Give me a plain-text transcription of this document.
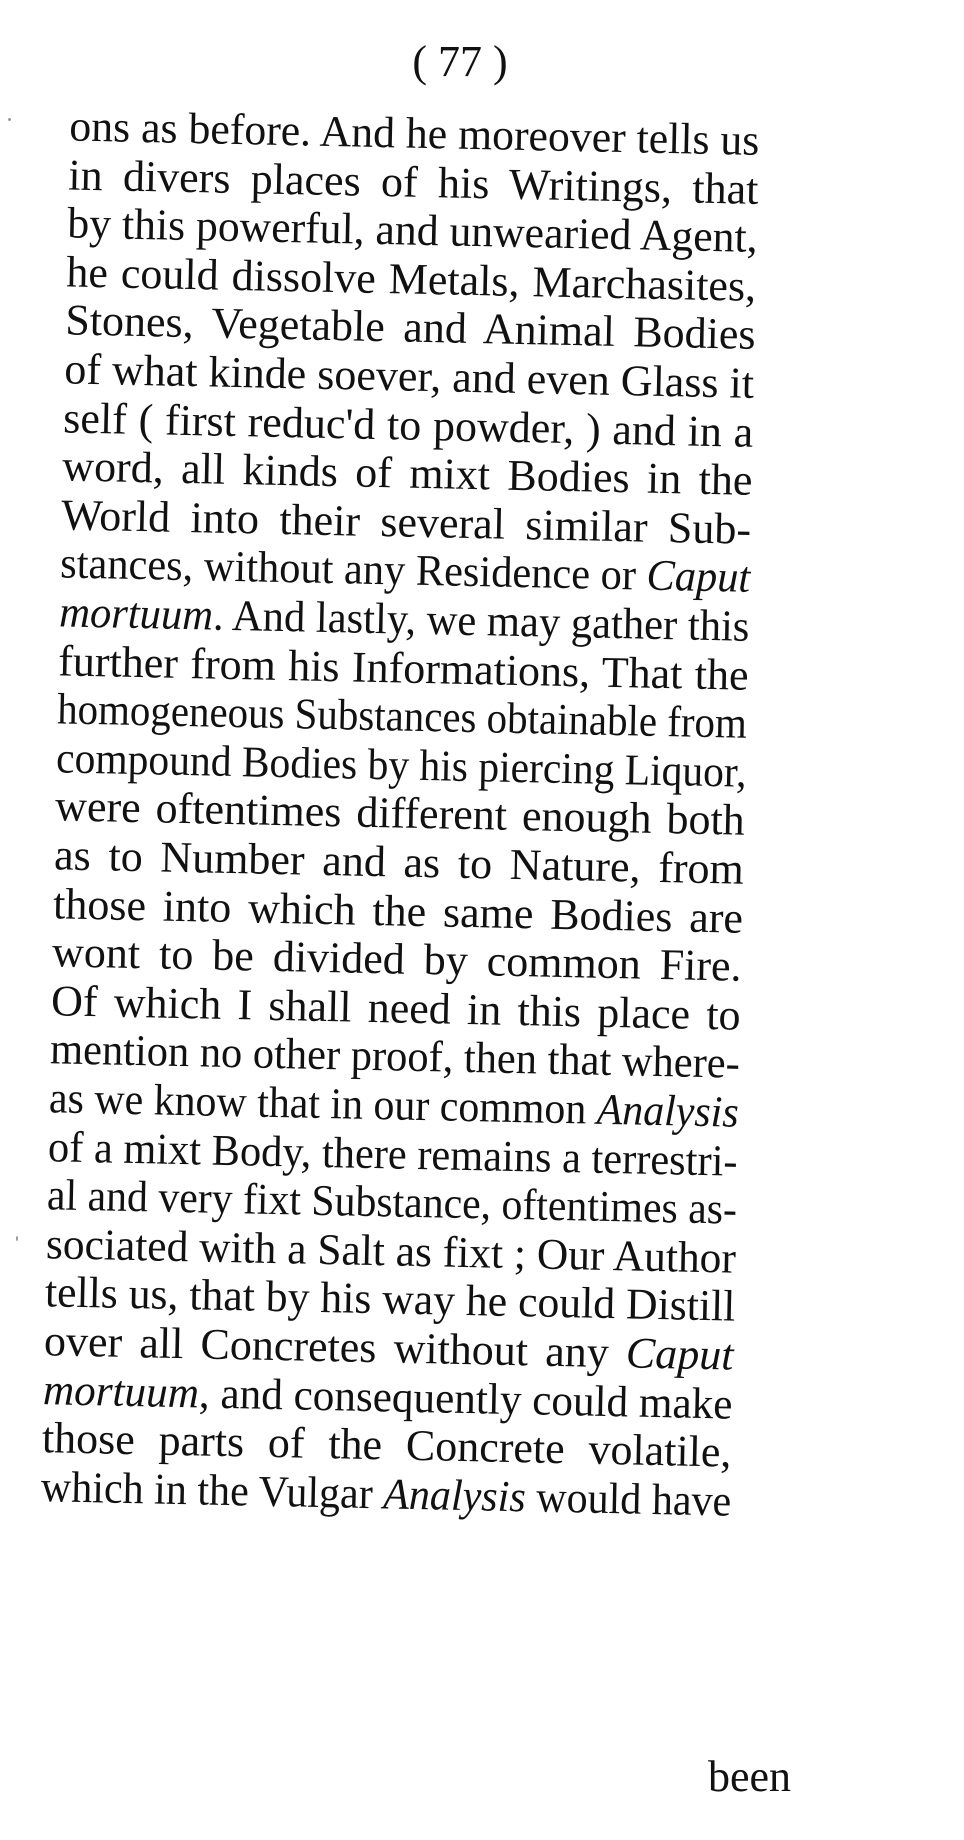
( 77 )
ons as before. And he moreover tells us
in divers places of his Writings, that
by this powerful, and unwearied Agent,
he could dissolve Metals, Marchasites,
Stones, Vegetable and Animal Bodies
of what kinde soever, and even Glass it
self ( first reduc'd to powder, ) and in a
word, all kinds of mixt Bodies in the
World into their several similar Sub-
stances, without any Residence or Caput
mortuum. And lastly, we may gather this
further from his Informations, That the
homogeneous Substances obtainable from
compound Bodies by his piercing Liquor,
were oftentimes different enough both
as to Number and as to Nature, from
those into which the same Bodies are
wont to be divided by common Fire.
Of which I shall need in this place to
mention no other proof, then that where-
as we know that in our common Analysis
of a mixt Body, there remains a terrestri-
al and very fixt Substance, oftentimes as-
sociated with a Salt as fixt ; Our Author
tells us, that by his way he could Distill
over all Concretes without any Caput
mortuum, and consequently could make
those parts of the Concrete volatile,
which in the Vulgar Analysis would have
been
